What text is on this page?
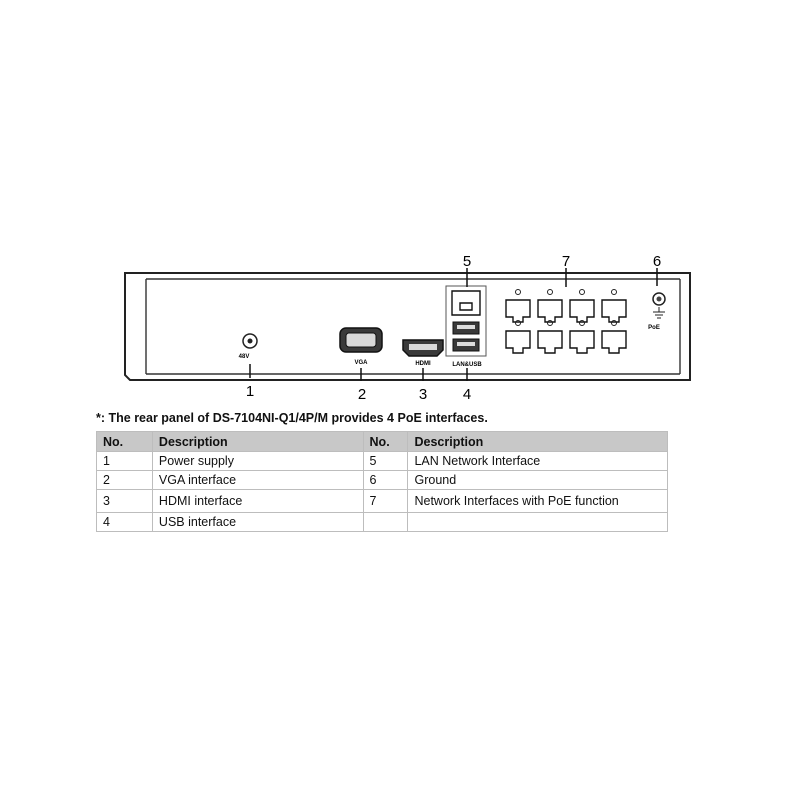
48V
VGA	HDMI	LAN&USB
PoE
1	2	3 4
5	7	6
*: The rear panel of DS-7104NI-Q1/4P/M provides 4 PoE interfaces.
No.	Description	No.	Description
1	Power supply	5	LAN Network Interface
2	VGA interface	6	Ground
3	HDMI interface	7	Network Interfaces with PoE function
4	USB interface		
